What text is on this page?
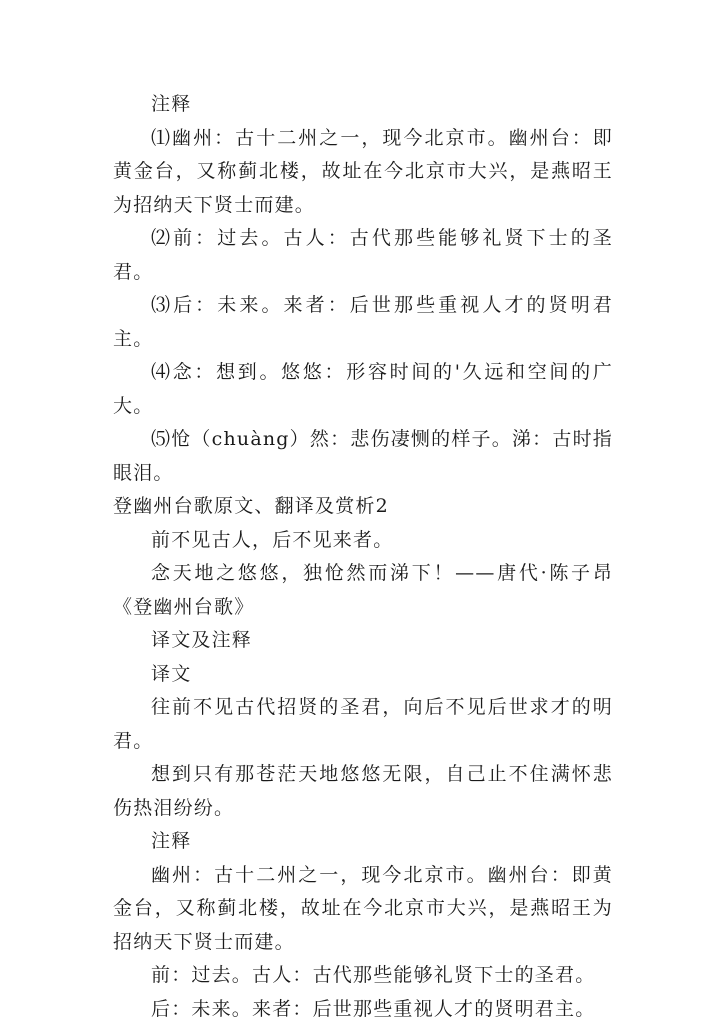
注释

⑴幽州：古十二州之一，现今北京市。幽州台：即黄金台，又称蓟北楼，故址在今北京市大兴，是燕昭王为招纳天下贤士而建。

⑵前：过去。古人：古代那些能够礼贤下士的圣君。

⑶后：未来。来者：后世那些重视人才的贤明君主。

⑷念：想到。悠悠：形容时间的'久远和空间的广大。

⑸怆（chuàng）然：悲伤凄恻的样子。涕：古时指眼泪。

登幽州台歌原文、翻译及赏析2

前不见古人，后不见来者。

念天地之悠悠，独怆然而涕下！——唐代·陈子昂《登幽州台歌》

译文及注释

译文

往前不见古代招贤的圣君，向后不见后世求才的明君。

想到只有那苍茫天地悠悠无限，自己止不住满怀悲伤热泪纷纷。

注释

幽州：古十二州之一，现今北京市。幽州台：即黄金台，又称蓟北楼，故址在今北京市大兴，是燕昭王为招纳天下贤士而建。

前：过去。古人：古代那些能够礼贤下士的圣君。

后：未来。来者：后世那些重视人才的贤明君主。
